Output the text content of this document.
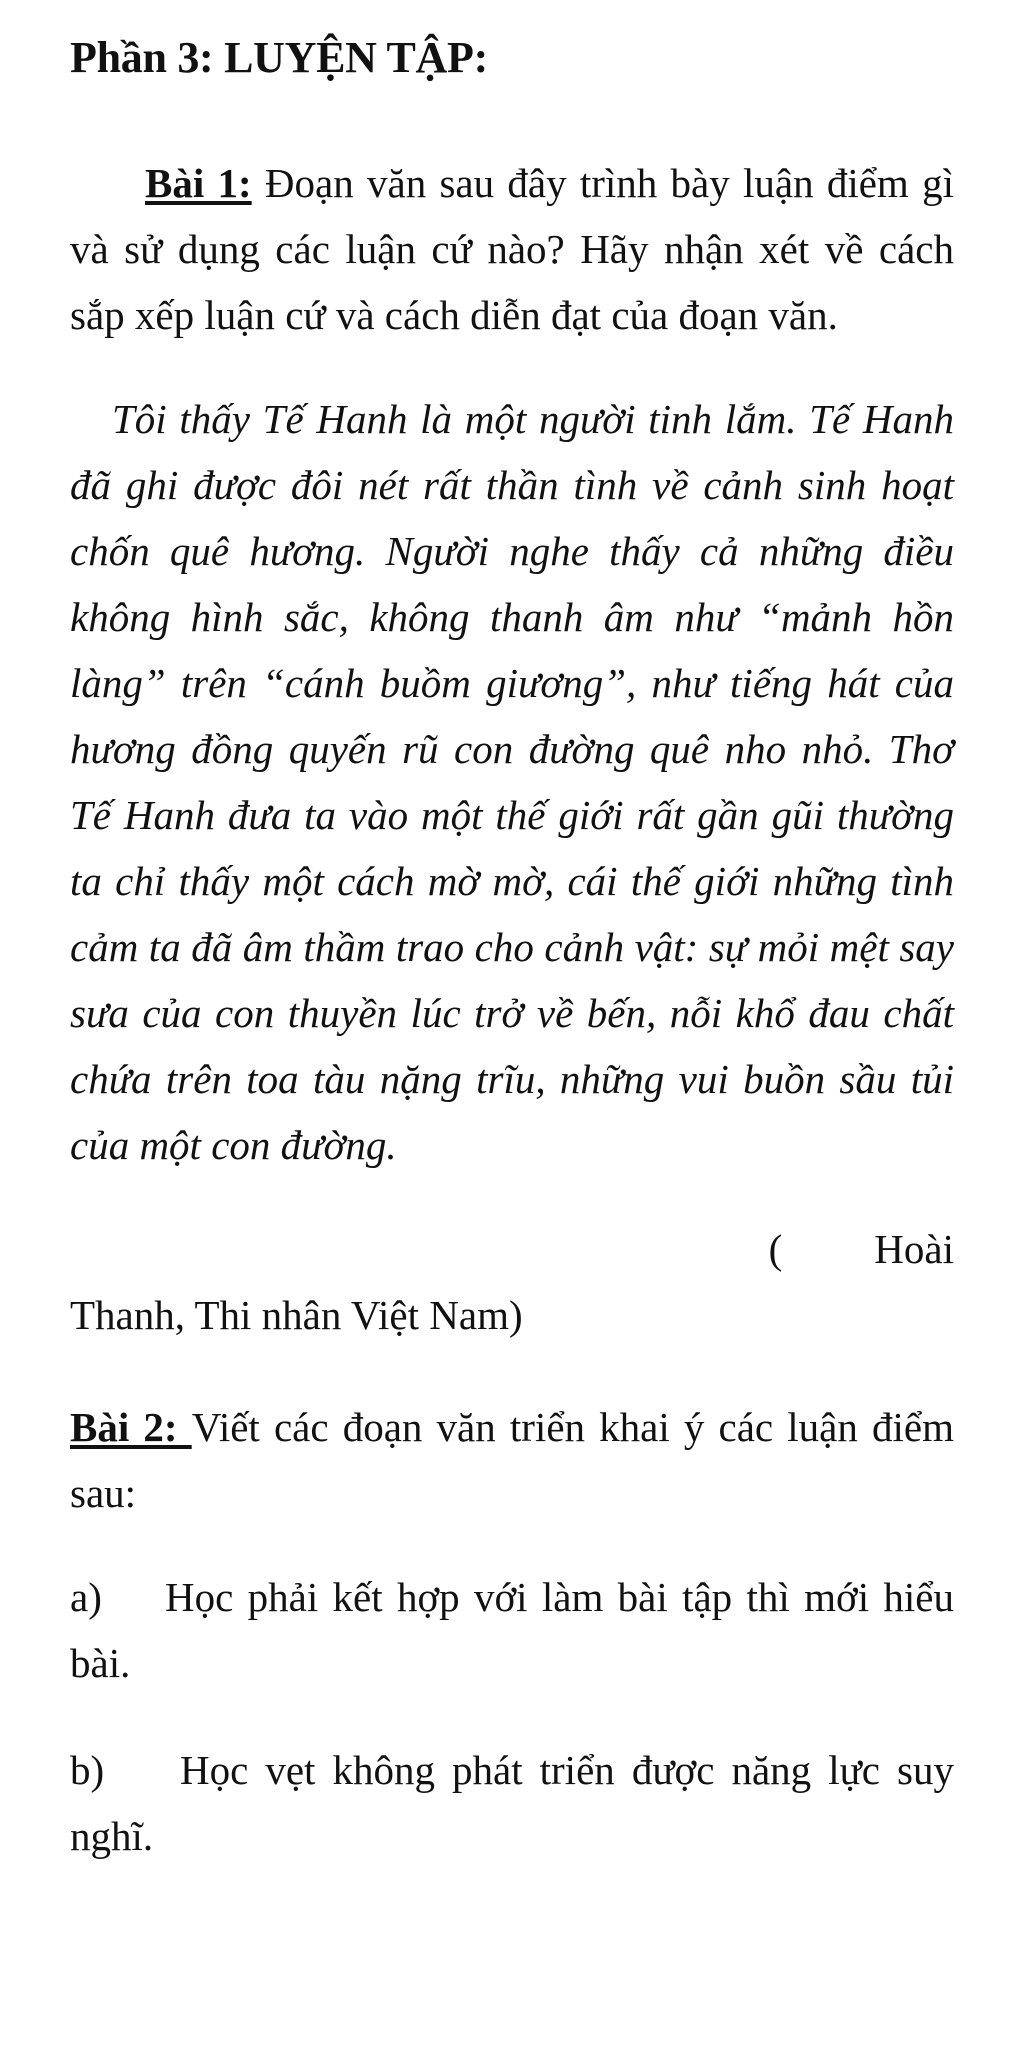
Phần 3: LUYỆN TẬP:

Bài 1: Đoạn văn sau đây trình bày luận điểm gì và sử dụng các luận cứ nào? Hãy nhận xét về cách sắp xếp luận cứ và cách diễn đạt của đoạn văn.

Tôi thấy Tế Hanh là một người tinh lắm. Tế Hanh đã ghi được đôi nét rất thần tình về cảnh sinh hoạt chốn quê hương. Người nghe thấy cả những điều không hình sắc, không thanh âm như “mảnh hồn làng” trên “cánh buồm giương”, như tiếng hát của hương đồng quyến rũ con đường quê nho nhỏ. Thơ Tế Hanh đưa ta vào một thế giới rất gần gũi thường ta chỉ thấy một cách mờ mờ, cái thế giới những tình cảm ta đã âm thầm trao cho cảnh vật: sự mỏi mệt say sưa của con thuyền lúc trở về bến, nỗi khổ đau chất chứa trên toa tàu nặng trĩu, những vui buồn sầu tủi của một con đường.

( Hoài
Thanh, Thi nhân Việt Nam)

Bài 2: Viết các đoạn văn triển khai ý các luận điểm sau:

a) Học phải kết hợp với làm bài tập thì mới hiểu bài.

b) Học vẹt không phát triển được năng lực suy nghĩ.
